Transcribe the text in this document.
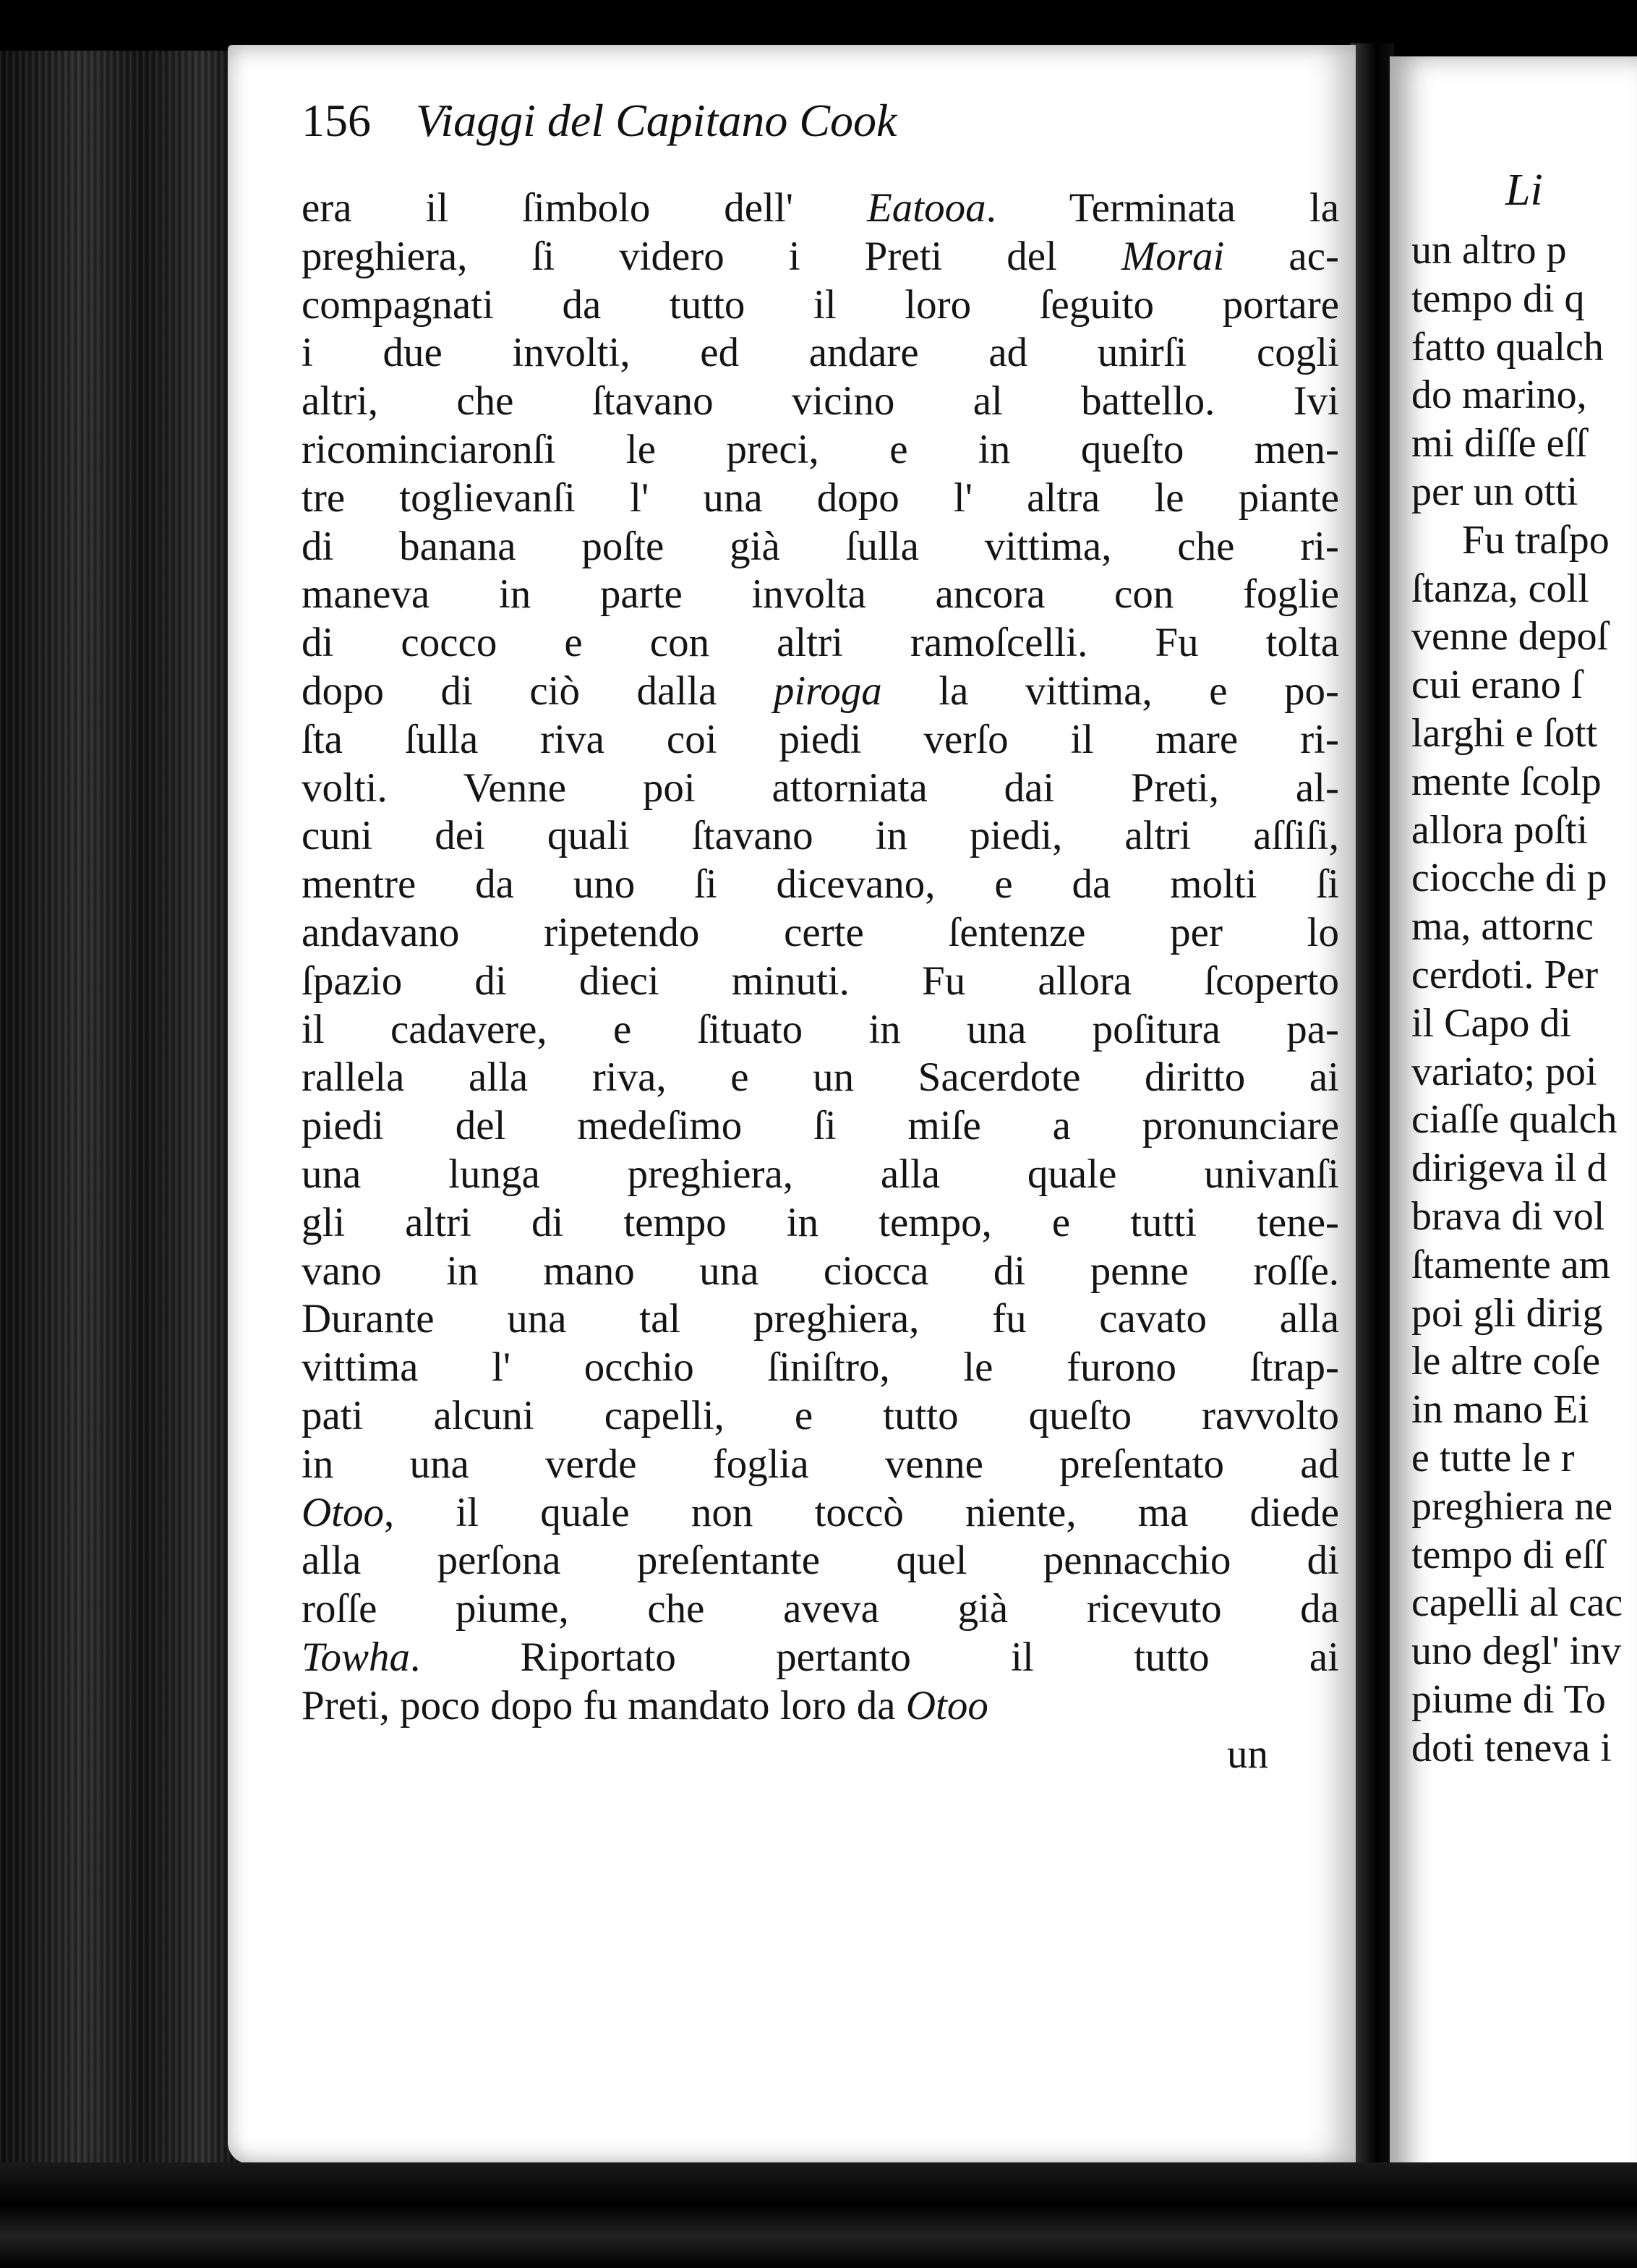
156 Viaggi del Capitano Cook
era il ſimbolo dell' Eatooa. Terminata la
preghiera, ſi videro i Preti del Morai ac-
compagnati da tutto il loro ſeguito portare
i due involti, ed andare ad unirſi cogli
altri, che ſtavano vicino al battello. Ivi
ricominciaronſi le preci, e in queſto men-
tre toglievanſi l' una dopo l' altra le piante
di banana poſte già ſulla vittima, che ri-
maneva in parte involta ancora con foglie
di cocco e con altri ramoſcelli. Fu tolta
dopo di ciò dalla piroga la vittima, e po-
ſta ſulla riva coi piedi verſo il mare ri-
volti. Venne poi attorniata dai Preti, al-
cuni dei quali ſtavano in piedi, altri aſſiſi,
mentre da uno ſi dicevano, e da molti ſi
andavano ripetendo certe ſentenze per lo
ſpazio di dieci minuti. Fu allora ſcoperto
il cadavere, e ſituato in una poſitura pa-
rallela alla riva, e un Sacerdote diritto ai
piedi del medeſimo ſi miſe a pronunciare
una lunga preghiera, alla quale univanſi
gli altri di tempo in tempo, e tutti tene-
vano in mano una ciocca di penne roſſe.
Durante una tal preghiera, fu cavato alla
vittima l' occhio ſiniſtro, le furono ſtrap-
pati alcuni capelli, e tutto queſto ravvolto
in una verde foglia venne preſentato ad
Otoo, il quale non toccò niente, ma diede
alla perſona preſentante quel pennacchio di
roſſe piume, che aveva già ricevuto da
Towha. Riportato pertanto il tutto ai
Preti, poco dopo fu mandato loro da Otoo
un
Li
un altro p
tempo di q
fatto qualch
do marino,
mi diſſe eſſ
per un otti
Fu traſpo
ſtanza, coll
venne depoſ
cui erano ſ
larghi e ſott
mente ſcolp
allora poſti
ciocche di p
ma, attornc
cerdoti. Per
il Capo di
variato; poi
ciaſſe qualch
dirigeva il d
brava di vol
ſtamente am
poi gli dirig
le altre coſe
in mano Ei
e tutte le r
preghiera ne
tempo di eſſ
capelli al cac
uno degl' inv
piume di To
doti teneva i
